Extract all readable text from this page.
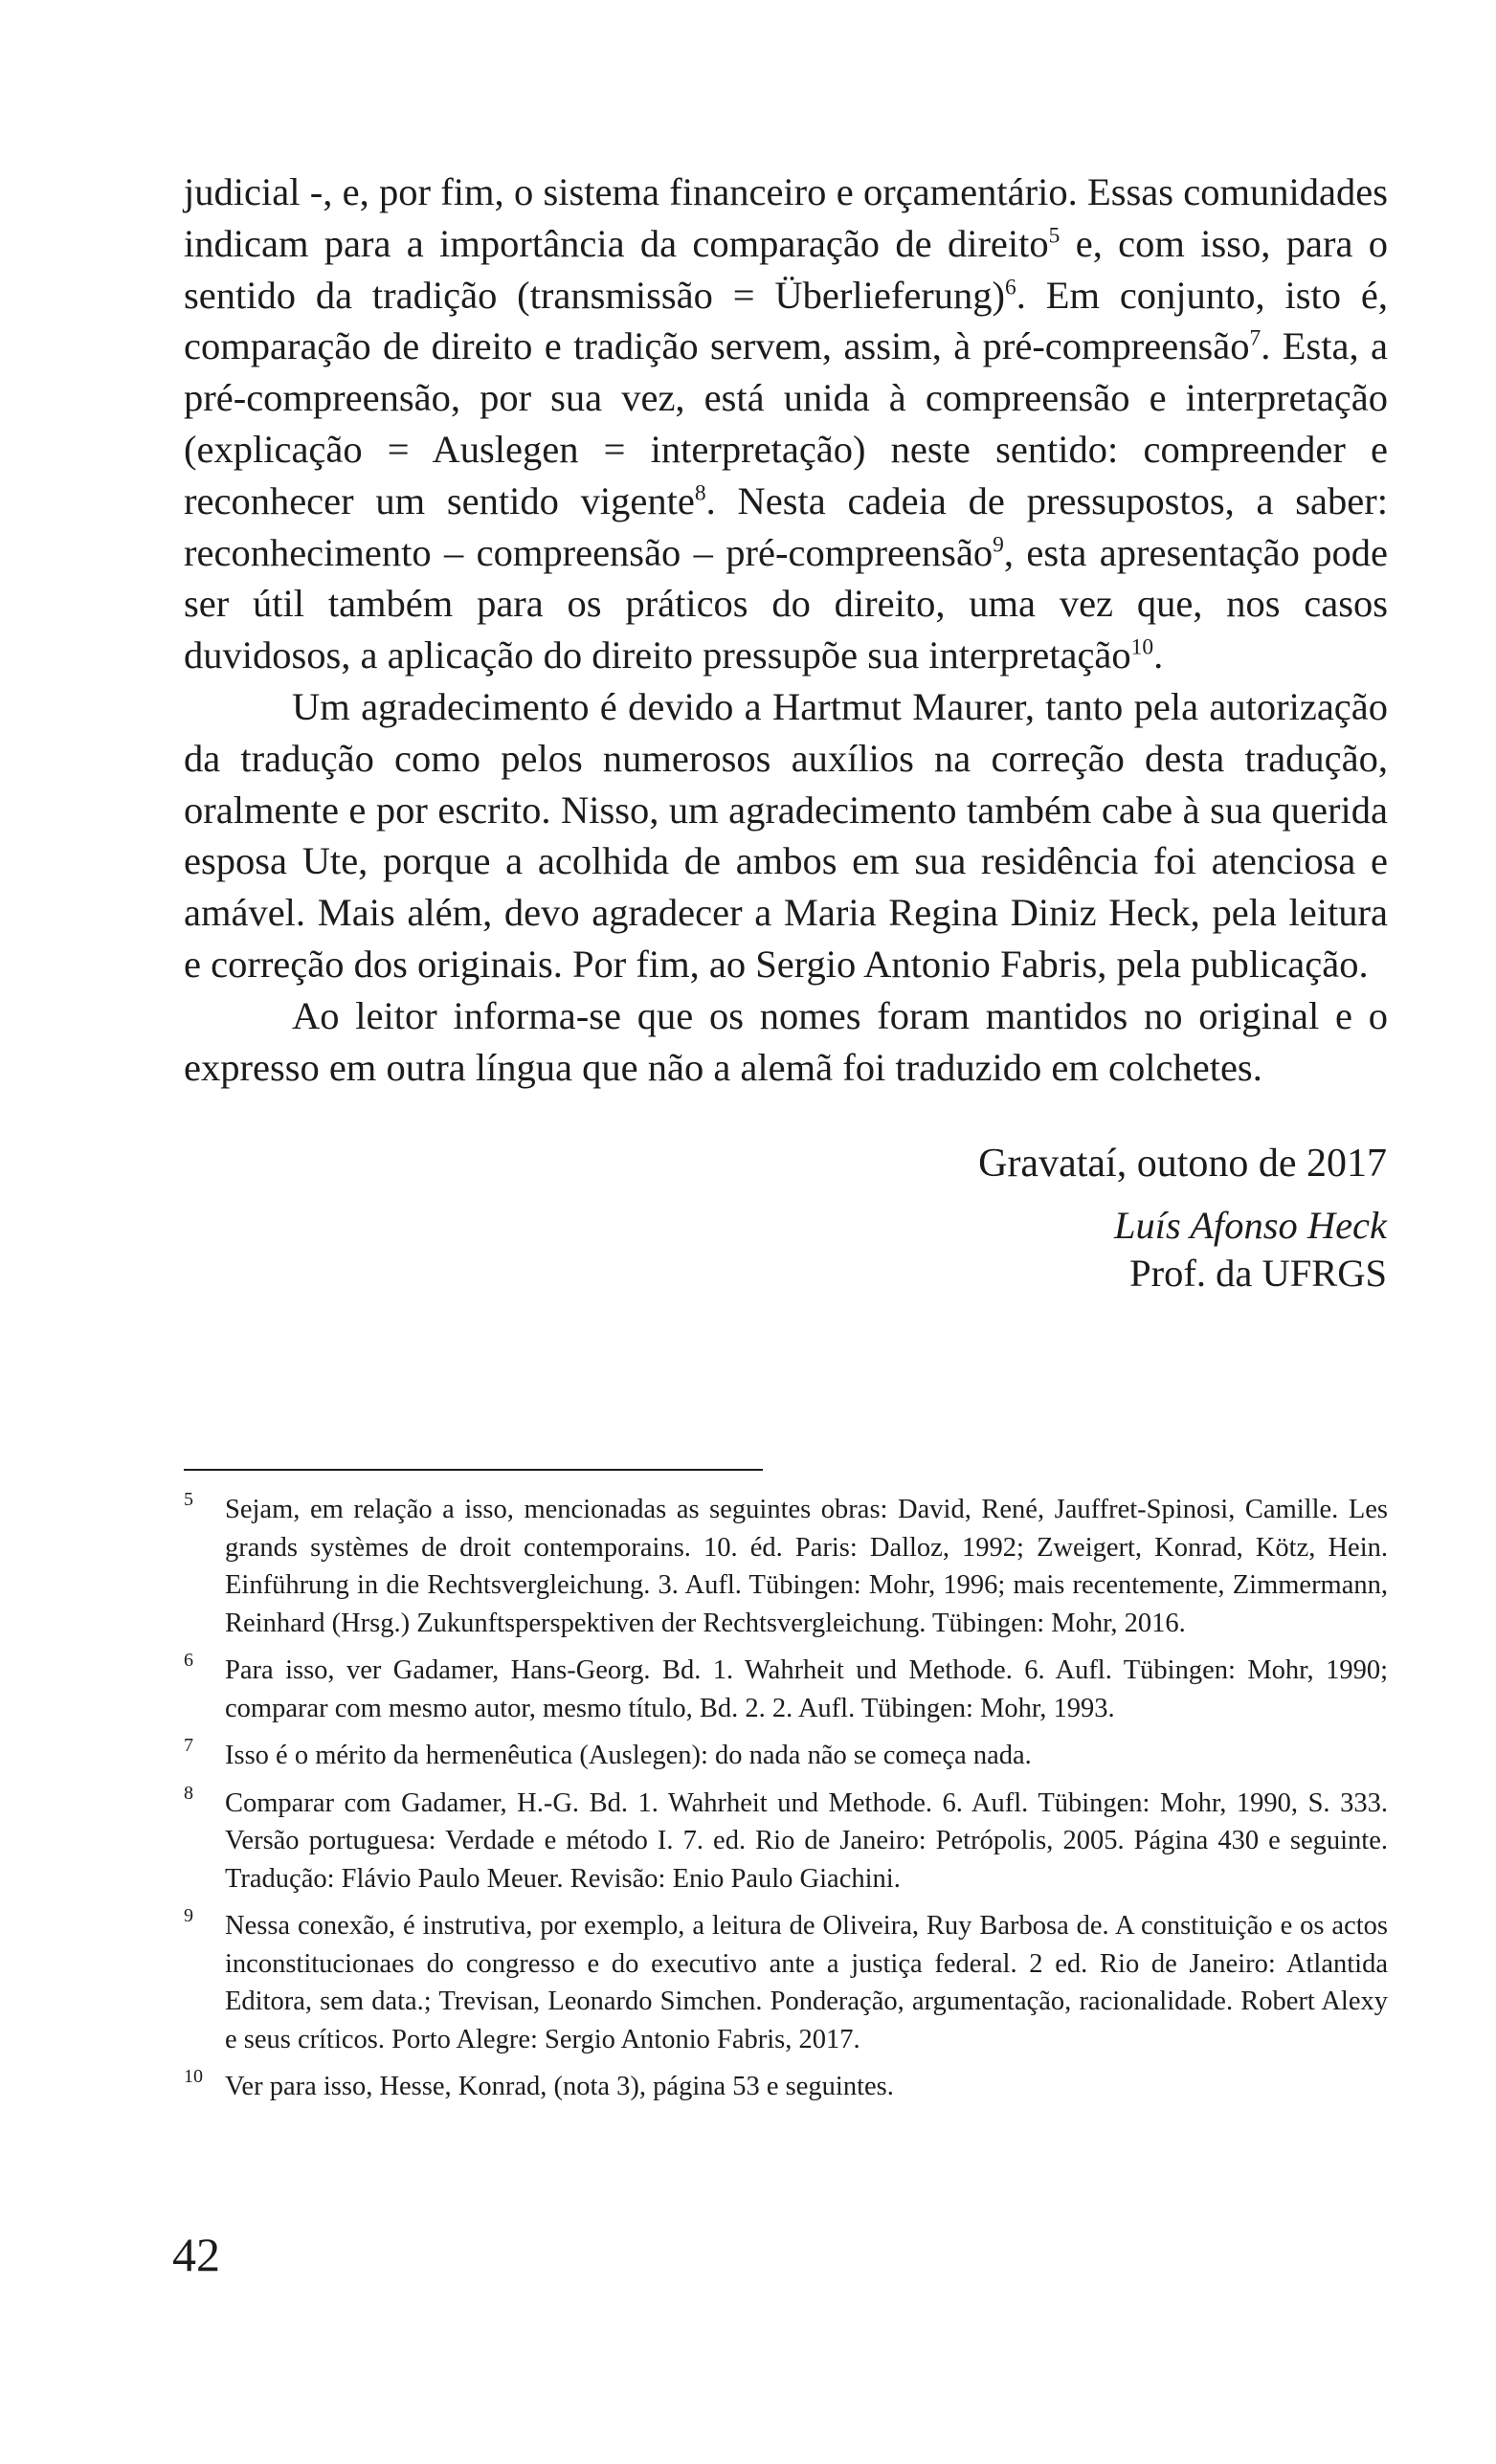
judicial -, e, por fim, o sistema financeiro e orçamentário. Essas comunidades indicam para a importância da comparação de direito$^5$ e, com isso, para o sentido da tradição (transmissão = Überlieferung)$^6$. Em conjunto, isto é, comparação de direito e tradição servem, assim, à pré-compreensão$^7$. Esta, a pré-compreensão, por sua vez, está unida à compreensão e interpretação (explicação = Auslegen = interpretação) neste sentido: compreender e reconhecer um sentido vigente$^8$. Nesta cadeia de pressupostos, a saber: reconhecimento – compreensão – pré-compreensão$^9$, esta apresentação pode ser útil também para os práticos do direito, uma vez que, nos casos duvidosos, a aplicação do direito pressupõe sua interpretação$^{10}$.

Um agradecimento é devido a Hartmut Maurer, tanto pela autorização da tradução como pelos numerosos auxílios na correção desta tradução, oralmente e por escrito. Nisso, um agradecimento também cabe à sua querida esposa Ute, porque a acolhida de ambos em sua residência foi atenciosa e amável. Mais além, devo agradecer a Maria Regina Diniz Heck, pela leitura e correção dos originais. Por fim, ao Sergio Antonio Fabris, pela publicação.

Ao leitor informa-se que os nomes foram mantidos no original e o expresso em outra língua que não a alemã foi traduzido em colchetes.

Gravataí, outono de 2017
Luís Afonso Heck
Prof. da UFRGS
5 Sejam, em relação a isso, mencionadas as seguintes obras: David, René, Jauffret-Spinosi, Camille. Les grands systèmes de droit contemporains. 10. éd. Paris: Dalloz, 1992; Zweigert, Konrad, Kötz, Hein. Einführung in die Rechtsvergleichung. 3. Aufl. Tübingen: Mohr, 1996; mais recentemente, Zimmermann, Reinhard (Hrsg.) Zukunftsperspektiven der Rechtsvergleichung. Tübingen: Mohr, 2016.
6 Para isso, ver Gadamer, Hans-Georg. Bd. 1. Wahrheit und Methode. 6. Aufl. Tübingen: Mohr, 1990; comparar com mesmo autor, mesmo título, Bd. 2. 2. Aufl. Tübingen: Mohr, 1993.
7 Isso é o mérito da hermenêutica (Auslegen): do nada não se começa nada.
8 Comparar com Gadamer, H.-G. Bd. 1. Wahrheit und Methode. 6. Aufl. Tübingen: Mohr, 1990, S. 333. Versão portuguesa: Verdade e método I. 7. ed. Rio de Janeiro: Petrópolis, 2005. Página 430 e seguinte. Tradução: Flávio Paulo Meuer. Revisão: Enio Paulo Giachini.
9 Nessa conexão, é instrutiva, por exemplo, a leitura de Oliveira, Ruy Barbosa de. A constituição e os actos inconstitucionaes do congresso e do executivo ante a justiça federal. 2 ed. Rio de Janeiro: Atlantida Editora, sem data.; Trevisan, Leonardo Simchen. Ponderação, argumentação, racionalidade. Robert Alexy e seus críticos. Porto Alegre: Sergio Antonio Fabris, 2017.
10 Ver para isso, Hesse, Konrad, (nota 3), página 53 e seguintes.
42
